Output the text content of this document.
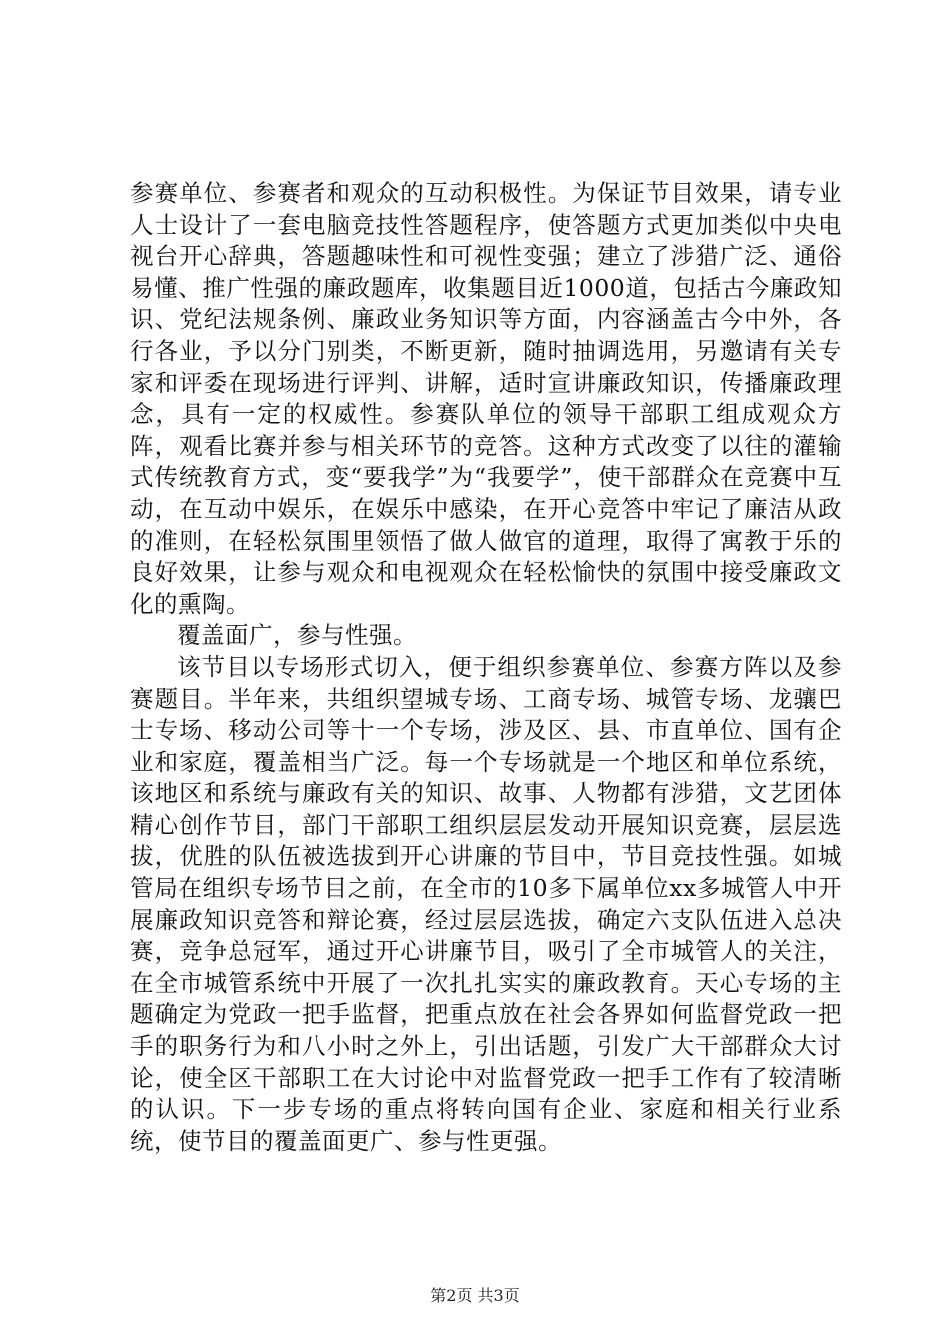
参赛单位、参赛者和观众的互动积极性。为保证节目效果，请专业人士设计了一套电脑竞技性答题程序，使答题方式更加类似中央电视台开心辞典，答题趣味性和可视性变强；建立了涉猎广泛、通俗易懂、推广性强的廉政题库，收集题目近1000道，包括古今廉政知识、党纪法规条例、廉政业务知识等方面，内容涵盖古今中外，各行各业，予以分门别类，不断更新，随时抽调选用，另邀请有关专家和评委在现场进行评判、讲解，适时宣讲廉政知识，传播廉政理念，具有一定的权威性。参赛队单位的领导干部职工组成观众方阵，观看比赛并参与相关环节的竞答。这种方式改变了以往的灌输式传统教育方式，变“要我学”为“我要学”，使干部群众在竞赛中互动，在互动中娱乐，在娱乐中感染，在开心竞答中牢记了廉洁从政的准则，在轻松氛围里领悟了做人做官的道理，取得了寓教于乐的良好效果，让参与观众和电视观众在轻松愉快的氛围中接受廉政文化的熏陶。

覆盖面广，参与性强。

该节目以专场形式切入，便于组织参赛单位、参赛方阵以及参赛题目。半年来，共组织望城专场、工商专场、城管专场、龙骧巴士专场、移动公司等十一个专场，涉及区、县、市直单位、国有企业和家庭，覆盖相当广泛。每一个专场就是一个地区和单位系统，该地区和系统与廉政有关的知识、故事、人物都有涉猎，文艺团体精心创作节目，部门干部职工组织层层发动开展知识竞赛，层层选拔，优胜的队伍被选拔到开心讲廉的节目中，节目竞技性强。如城管局在组织专场节目之前，在全市的10多下属单位xx多城管人中开展廉政知识竞答和辩论赛，经过层层选拔，确定六支队伍进入总决赛，竞争总冠军，通过开心讲廉节目，吸引了全市城管人的关注，在全市城管系统中开展了一次扎扎实实的廉政教育。天心专场的主题确定为党政一把手监督，把重点放在社会各界如何监督党政一把手的职务行为和八小时之外上，引出话题，引发广大干部群众大讨论，使全区干部职工在大讨论中对监督党政一把手工作有了较清晰的认识。下一步专场的重点将转向国有企业、家庭和相关行业系统，使节目的覆盖面更广、参与性更强。

第2页 共3页
